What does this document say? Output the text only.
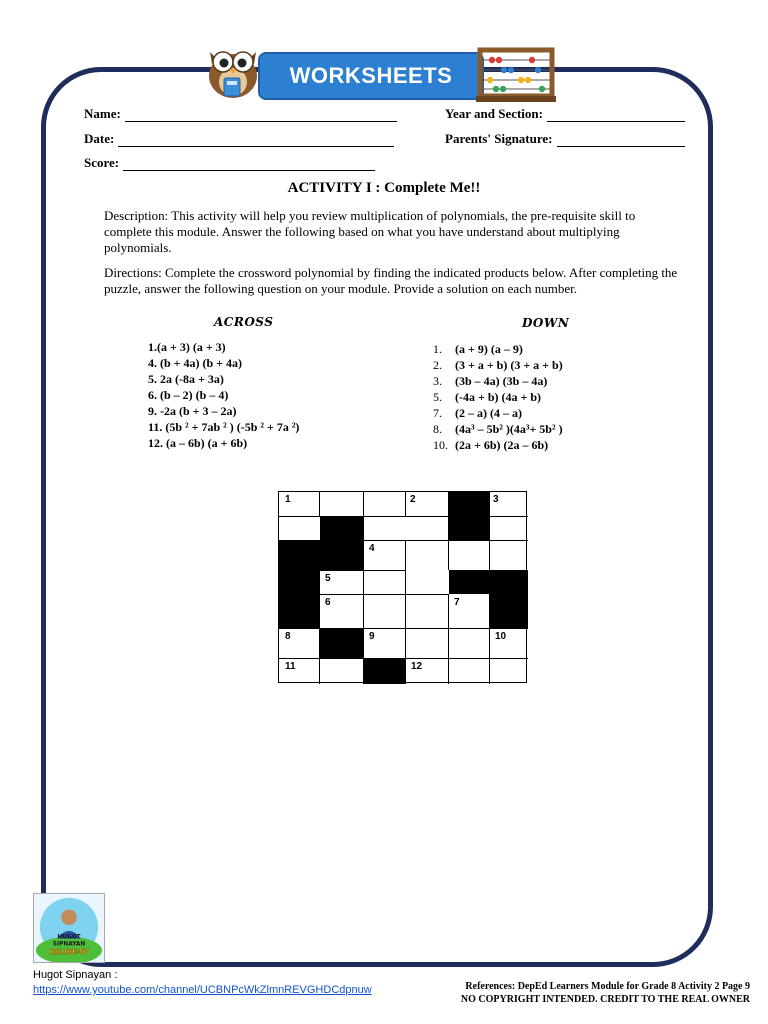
WORKSHEETS
Name:	Year and Section:
Date:	Parents' Signature:
Score:
ACTIVITY I : Complete Me!!
Description: This activity will help you review multiplication of polynomials, the pre-requisite skill to complete this module. Answer the following based on what you have understand about multiplying polynomials.
Directions: Complete the crossword polynomial by finding the indicated products below. After completing the puzzle, answer the following question on your module. Provide a solution on each number.
ACROSS	DOWN
1.(a + 3) (a + 3)
4. (b + 4a) (b + 4a)
5. 2a (-8a + 3a)
6. (b – 2) (b – 4)
9. -2a (b + 3 – 2a)
11. (5b ² + 7ab ² ) (-5b ² + 7a ²)
12. (a – 6b) (a + 6b)
1. (a + 9) (a – 9)
2. (3 + a + b) (3 + a + b)
3. (3b – 4a) (3b – 4a)
5. (-4a + b) (4a + b)
7. (2 – a) (4 – a)
8. (4a³ – 5b² )(4a³+ 5b² )
10. (2a + 6b) (2a – 6b)
1	2	3
4
5
6	7
8	9	10
11	12
HUGOT
SIPNAYAN
KALIBE-TV
Hugot Sipnayan :
https://www.youtube.com/channel/UCBNPcWkZlmnREVGHDCdpnuw	References: DepEd Learners Module for Grade 8 Activity 2 Page 9
NO COPYRIGHT INTENDED. CREDIT TO THE REAL OWNER
